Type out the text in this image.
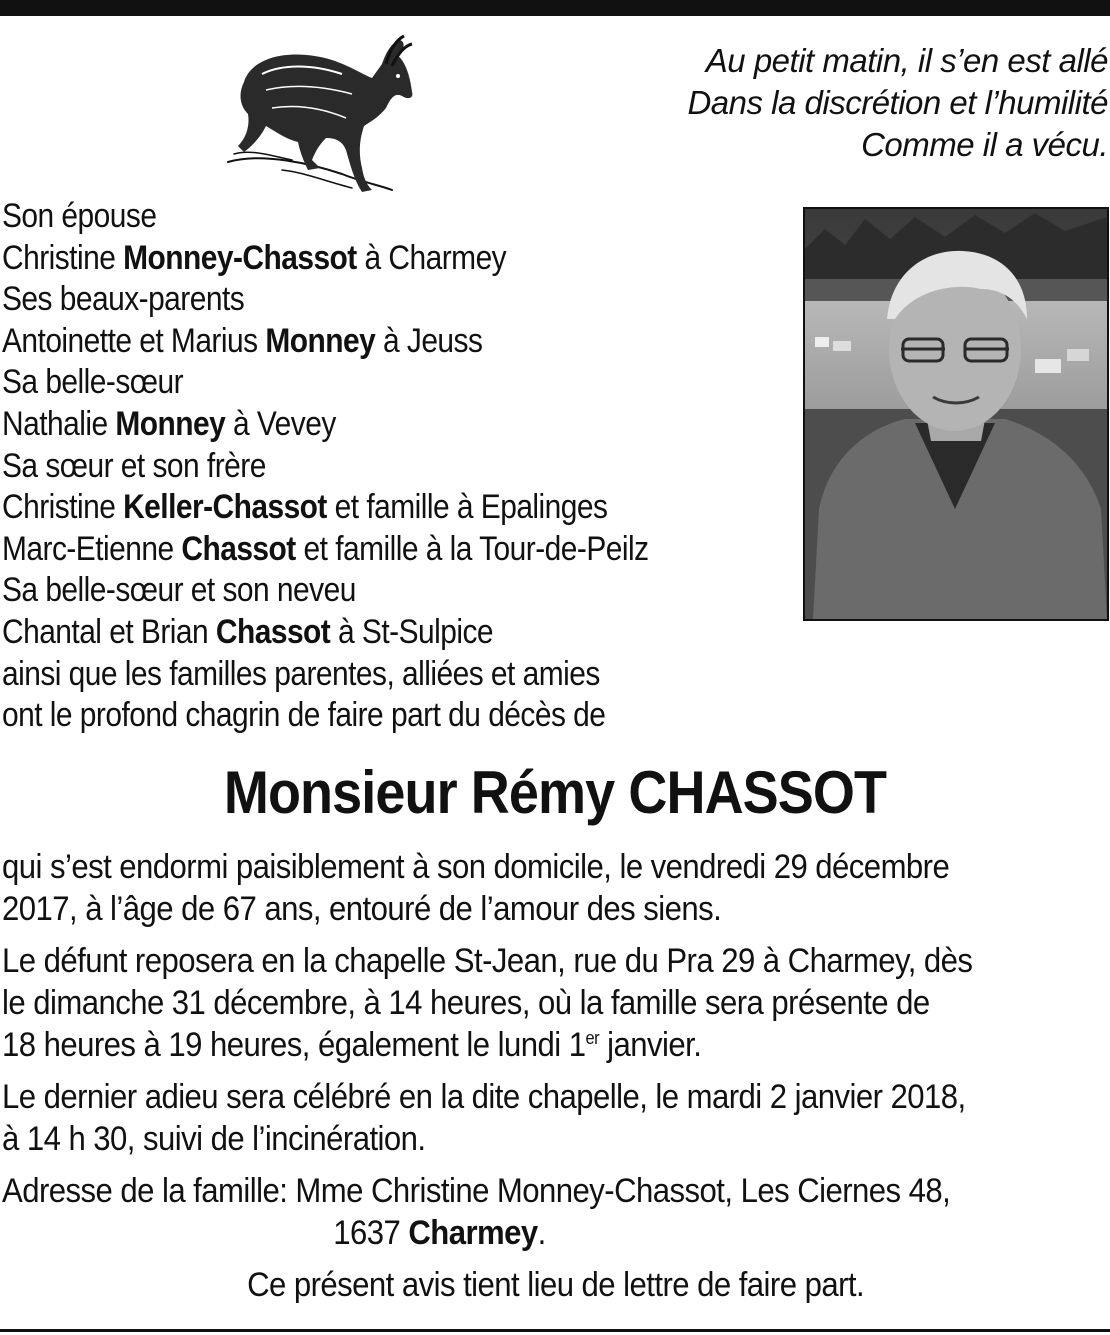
Au petit matin, il s’en est allé
Dans la discrétion et l’humilité
Comme il a vécu.
Son épouse
Christine Monney-Chassot à Charmey
Ses beaux-parents
Antoinette et Marius Monney à Jeuss
Sa belle-sœur
Nathalie Monney à Vevey
Sa sœur et son frère
Christine Keller-Chassot et famille à Epalinges
Marc-Etienne Chassot et famille à la Tour-de-Peilz
Sa belle-sœur et son neveu
Chantal et Brian Chassot à St-Sulpice
ainsi que les familles parentes, alliées et amies
ont le profond chagrin de faire part du décès de
Monsieur Rémy CHASSOT

qui s’est endormi paisiblement à son domicile, le vendredi 29 décembre
2017, à l’âge de 67 ans, entouré de l’amour des siens.

Le défunt reposera en la chapelle St-Jean, rue du Pra 29 à Charmey, dès
le dimanche 31 décembre, à 14 heures, où la famille sera présente de
18 heures à 19 heures, également le lundi 1er janvier.

Le dernier adieu sera célébré en la dite chapelle, le mardi 2 janvier 2018,
à 14 h 30, suivi de l’incinération.

Adresse de la famille: Mme Christine Monney-Chassot, Les Ciernes 48,
1637 Charmey.

Ce présent avis tient lieu de lettre de faire part.
